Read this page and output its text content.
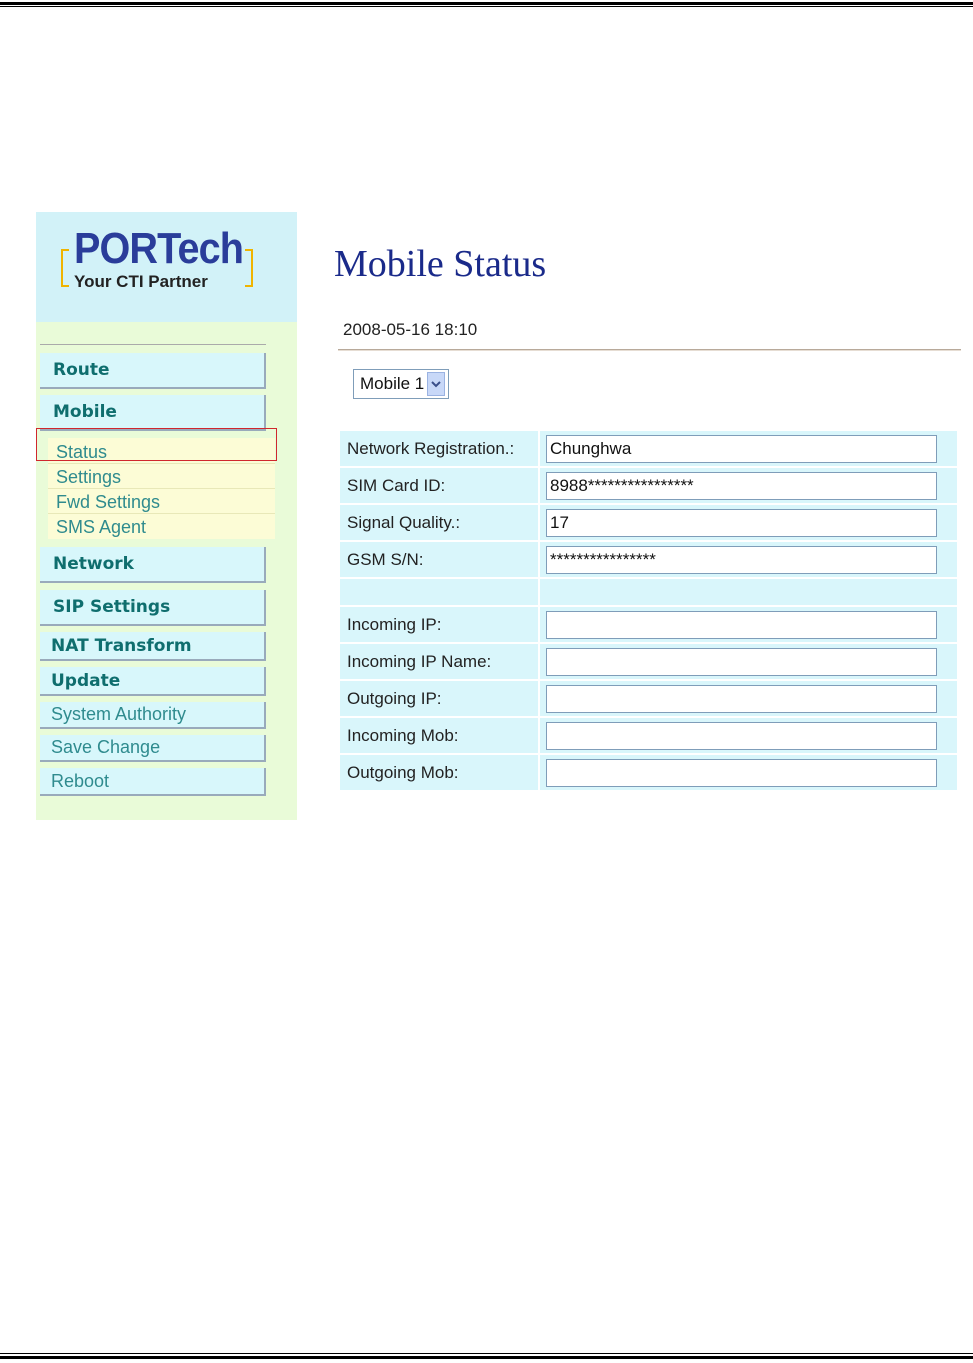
PORTech
Your CTI Partner
Route
Mobile
Status
Settings
Fwd Settings
SMS Agent
Network
SIP Settings
NAT Transform
Update
System Authority
Save Change
Reboot
Mobile Status
2008-05-16 18:10
Mobile 1
Network Registration.:	Chunghwa
SIM Card ID:	8988****************
Signal Quality.:	17
GSM S/N:	****************
Incoming IP:
Incoming IP Name:
Outgoing IP:
Incoming Mob:
Outgoing Mob:
